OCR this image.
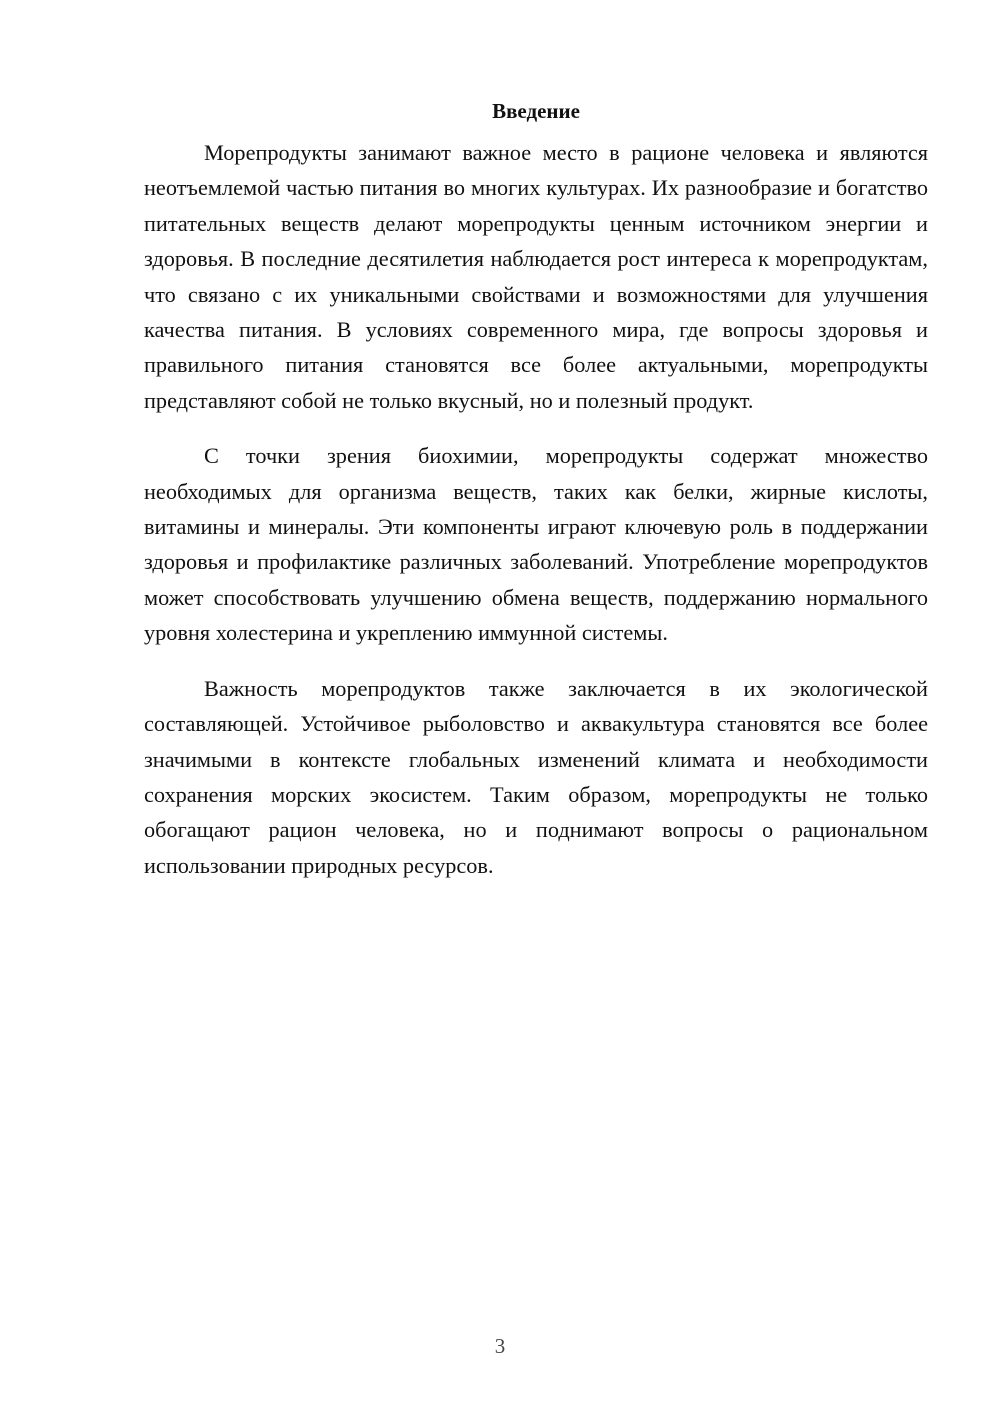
Введение

Морепродукты занимают важное место в рационе человека и являются неотъемлемой частью питания во многих культурах. Их разнообразие и богатство питательных веществ делают морепродукты ценным источником энергии и здоровья. В последние десятилетия наблюдается рост интереса к морепродуктам, что связано с их уникальными свойствами и возможностями для улучшения качества питания. В условиях современного мира, где вопросы здоровья и правильного питания становятся все более актуальными, морепродукты представляют собой не только вкусный, но и полезный продукт.

С точки зрения биохимии, морепродукты содержат множество необходимых для организма веществ, таких как белки, жирные кислоты, витамины и минералы. Эти компоненты играют ключевую роль в поддержании здоровья и профилактике различных заболеваний. Употребление морепродуктов может способствовать улучшению обмена веществ, поддержанию нормального уровня холестерина и укреплению иммунной системы.

Важность морепродуктов также заключается в их экологической составляющей. Устойчивое рыболовство и аквакультура становятся все более значимыми в контексте глобальных изменений климата и необходимости сохранения морских экосистем. Таким образом, морепродукты не только обогащают рацион человека, но и поднимают вопросы о рациональном использовании природных ресурсов.

3
